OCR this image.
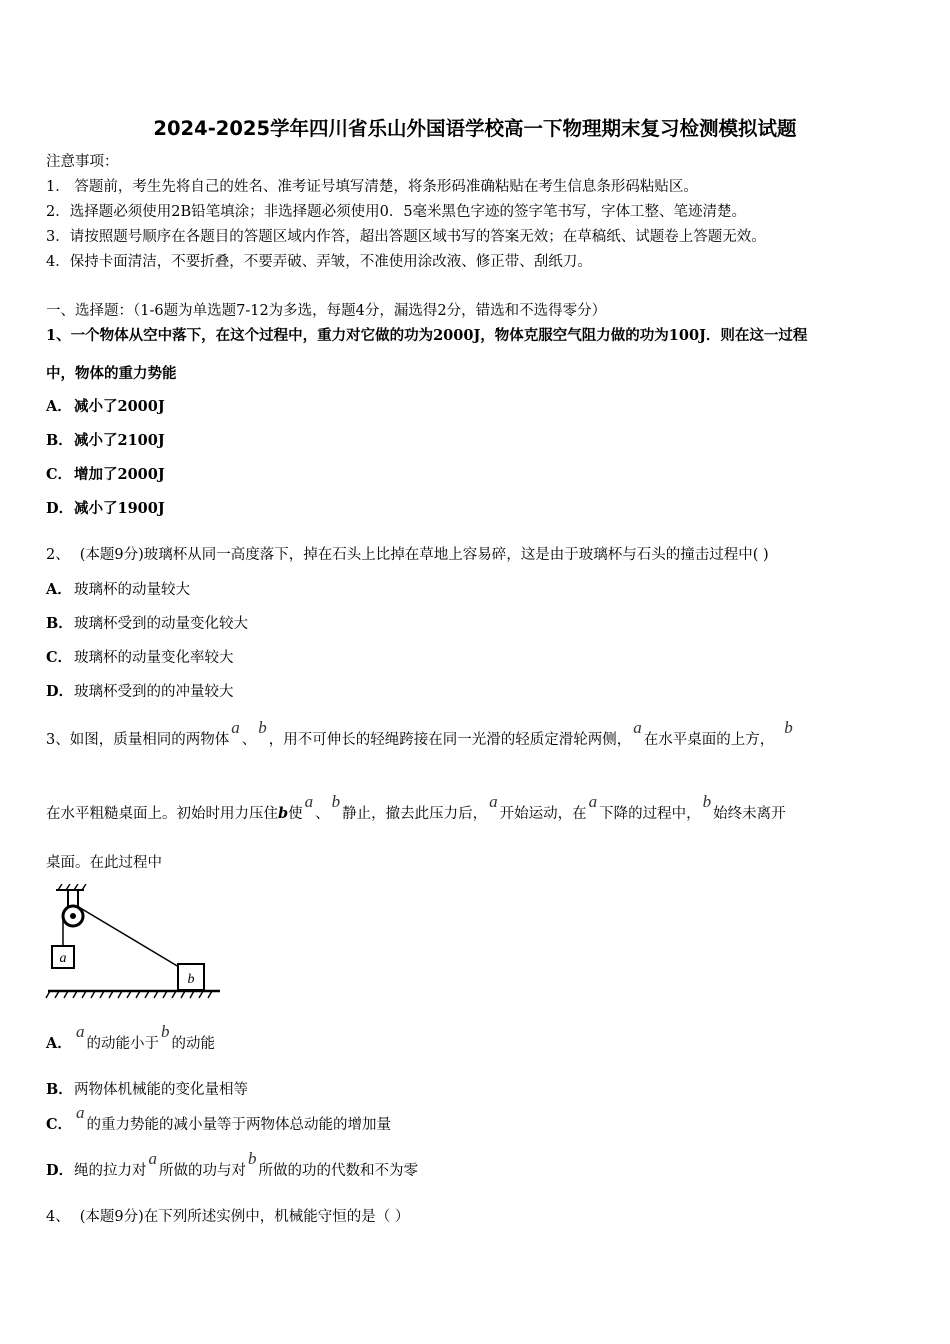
2024-2025学年四川省乐山外国语学校高一下物理期末复习检测模拟试题
注意事项：
1． 答题前，考生先将自己的姓名、准考证号填写清楚，将条形码准确粘贴在考生信息条形码粘贴区。
2．选择题必须使用2B铅笔填涂；非选择题必须使用0．5毫米黑色字迹的签字笔书写，字体工整、笔迹清楚。
3．请按照题号顺序在各题目的答题区域内作答，超出答题区域书写的答案无效；在草稿纸、试题卷上答题无效。
4．保持卡面清洁，不要折叠，不要弄破、弄皱，不准使用涂改液、修正带、刮纸刀。
一、选择题：（1-6题为单选题7-12为多选，每题4分，漏选得2分，错选和不选得零分）
1、一个物体从空中落下，在这个过程中，重力对它做的功为2000J，物体克服空气阻力做的功为100J．则在这一过程
中，物体的重力势能
A． 减小了2000J
B．减小了2100J
C． 增加了2000J
D．减小了1900J
2、 (本题9分)玻璃杯从同一高度落下，掉在石头上比掉在草地上容易碎，这是由于玻璃杯与石头的撞击过程中( )
A． 玻璃杯的动量较大
B．玻璃杯受到的动量变化较大
C． 玻璃杯的动量变化率较大
D．玻璃杯受到的的冲量较大
3、如图，质量相同的两物体a、b，用不可伸长的轻绳跨接在同一光滑的轻质定滑轮两侧，a在水平桌面的上方，b
在水平粗糙桌面上。初始时用力压住b使a、b静止，撤去此压力后，a开始运动，在a下降的过程中，b始终未离开
桌面。在此过程中
a
b
A．a的动能小于b的动能
B．两物体机械能的变化量相等
C．a的重力势能的减小量等于两物体总动能的增加量
D．绳的拉力对a所做的功与对b所做的功的代数和不为零
4、 (本题9分)在下列所述实例中，机械能守恒的是（ ）
